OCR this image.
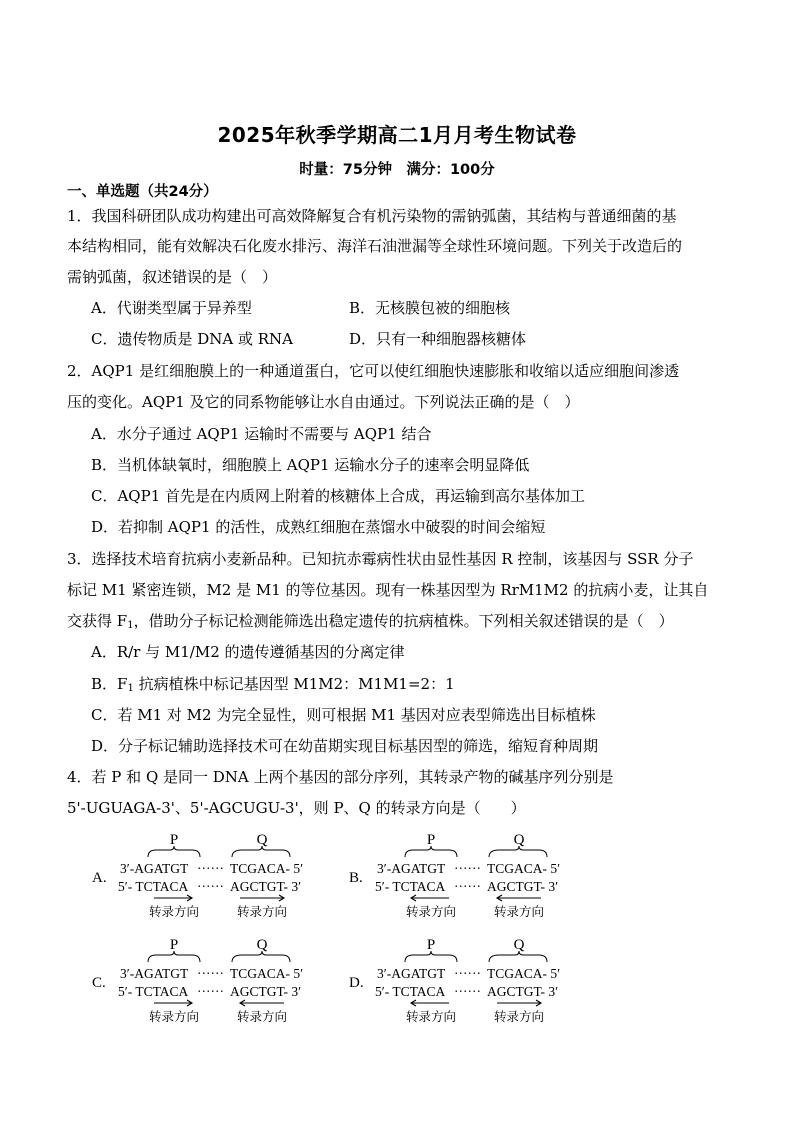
2025年秋季学期高二1月月考生物试卷
时量：75分钟　满分：100分
一、单选题（共24分）
1．我国科研团队成功构建出可高效降解复合有机污染物的需钠弧菌，其结构与普通细菌的基
本结构相同，能有效解决石化废水排污、海洋石油泄漏等全球性环境问题。下列关于改造后的
需钠弧菌，叙述错误的是（　）
A．代谢类型属于异养型	B．无核膜包被的细胞核
C．遗传物质是 DNA 或 RNA	D．只有一种细胞器核糖体
2．AQP1 是红细胞膜上的一种通道蛋白，它可以使红细胞快速膨胀和收缩以适应细胞间渗透
压的变化。AQP1 及它的同系物能够让水自由通过。下列说法正确的是（　）
A．水分子通过 AQP1 运输时不需要与 AQP1 结合
B．当机体缺氧时，细胞膜上 AQP1 运输水分子的速率会明显降低
C．AQP1 首先是在内质网上附着的核糖体上合成，再运输到高尔基体加工
D．若抑制 AQP1 的活性，成熟红细胞在蒸馏水中破裂的时间会缩短
3．选择技术培育抗病小麦新品种。已知抗赤霉病性状由显性基因 R 控制，该基因与 SSR 分子
标记 M1 紧密连锁，M2 是 M1 的等位基因。现有一株基因型为 RrM1M2 的抗病小麦，让其自
交获得 $F_1$，借助分子标记检测能筛选出稳定遗传的抗病植株。下列相关叙述错误的是（　）
A．R/r 与 M1/M2 的遗传遵循基因的分离定律
B．$F_1$ 抗病植株中标记基因型 M1M2：M1M1=2：1
C．若 M1 对 M2 为完全显性，则可根据 M1 基因对应表型筛选出目标植株
D．分子标记辅助选择技术可在幼苗期实现目标基因型的筛选，缩短育种周期
4．若 P 和 Q 是同一 DNA 上两个基因的部分序列，其转录产物的碱基序列分别是
5'-UGUAGA-3'、5'-AGCUGU-3'，则 P、Q 的转录方向是（　　）
A.
P	Q
3′-AGATGT ······ TCGACA- 5′
5′- TCTACA ······ AGCTGT- 3′
转录方向	转录方向
B.
P	Q
3′-AGATGT ······ TCGACA- 5′
5′- TCTACA ······ AGCTGT- 3′
转录方向	转录方向
C.
P	Q
3′-AGATGT ······ TCGACA- 5′
5′- TCTACA ······ AGCTGT- 3′
转录方向	转录方向
D.
P	Q
3′-AGATGT ······ TCGACA- 5′
5′- TCTACA ······ AGCTGT- 3′
转录方向	转录方向
